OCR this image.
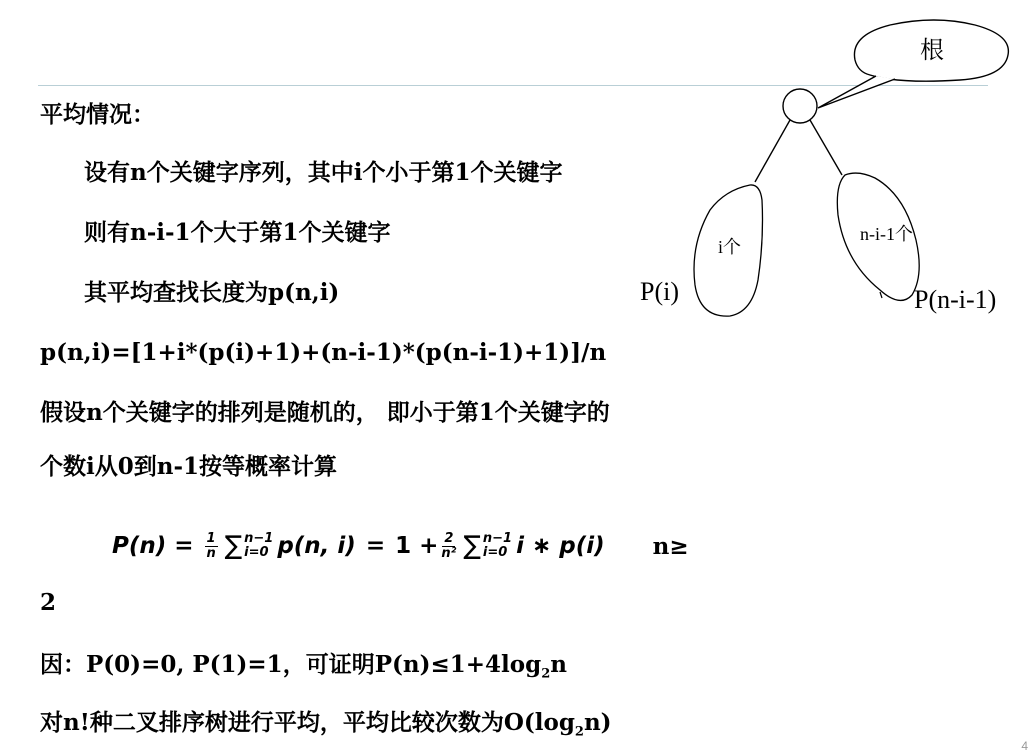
平均情况：
设有n个关键字序列，其中i个小于第1个关键字
则有n-i-1个大于第1个关键字
其平均查找长度为p(n,i)
p(n,i)=[1+i*(p(i)+1)+(n-i-1)*(p(n-i-1)+1)]/n
假设n个关键字的排列是随机的， 即小于第1个关键字的
个数i从0到n-1按等概率计算
$P(n) = \frac{1}{n}$ ∑ n−1
i=0 p(n, $i) = 1 + \frac{2}{\text{n²}}$ ∑ n−1
i=0 i ∗ p(i) n≥
2
因：P(0)=0, P(1)=1，可证明$P(n)\le 1+4\log_2n$
对n!种二叉排序树进行平均，平均比较次数为$O(\log_2n)$
根
i个
n-i-1个
P(i)	P(n-i-1)
4
